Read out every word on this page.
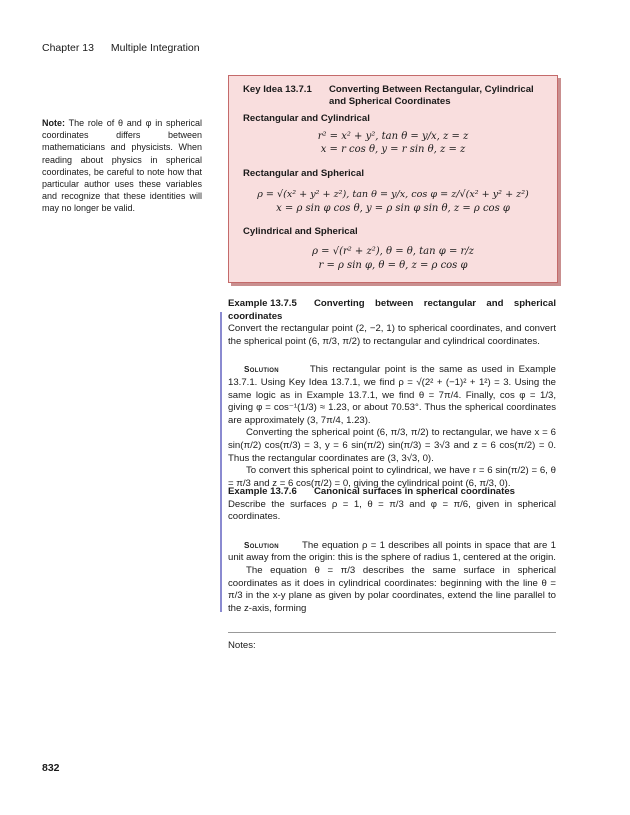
Chapter 13 Multiple Integration
Note: The role of θ and φ in spherical coordinates differs between mathematicians and physicists. When reading about physics in spherical coordinates, be careful to note how that particular author uses these variables and recognize that these identities will may no longer be valid.
Key Idea 13.7.1 Converting Between Rectangular, Cylindrical and Spherical Coordinates
Rectangular and Cylindrical
r² = x² + y², tan θ = y/x, z = z
x = r cos θ, y = r sin θ, z = z
Rectangular and Spherical
ρ = √(x² + y² + z²), tan θ = y/x, cos φ = z/√(x² + y² + z²)
x = ρ sin φ cos θ, y = ρ sin φ sin θ, z = ρ cos φ
Cylindrical and Spherical
ρ = √(r² + z²), θ = θ, tan φ = r/z
r = ρ sin φ, θ = θ, z = ρ cos φ
Example 13.7.5 Converting between rectangular and spherical coordinates

Convert the rectangular point (2, −2, 1) to spherical coordinates, and convert the spherical point (6, π/3, π/2) to rectangular and cylindrical coordinates.

Solution	This rectangular point is the same as used in Example 13.7.1. Using Key Idea 13.7.1, we find ρ = √(2² + (−1)² + 1²) = 3. Using the same logic as in Example 13.7.1, we find θ = 7π/4. Finally, cos φ = 1/3, giving φ = cos⁻¹(1/3) ≈ 1.23, or about 70.53°. Thus the spherical coordinates are approximately (3, 7π/4, 1.23).

Converting the spherical point (6, π/3, π/2) to rectangular, we have x = 6 sin(π/2) cos(π/3) = 3, y = 6 sin(π/2) sin(π/3) = 3√3 and z = 6 cos(π/2) = 0. Thus the rectangular coordinates are (3, 3√3, 0).

To convert this spherical point to cylindrical, we have r = 6 sin(π/2) = 6, θ = π/3 and z = 6 cos(π/2) = 0, giving the cylindrical point (6, π/3, 0).

Example 13.7.6 Canonical surfaces in spherical coordinates

Describe the surfaces ρ = 1, θ = π/3 and φ = π/6, given in spherical coordinates.

Solution The equation ρ = 1 describes all points in space that are 1 unit away from the origin: this is the sphere of radius 1, centered at the origin.

The equation θ = π/3 describes the same surface in spherical coordinates as it does in cylindrical coordinates: beginning with the line θ = π/3 in the x-y plane as given by polar coordinates, extend the line parallel to the z-axis, forming

Notes:
832
